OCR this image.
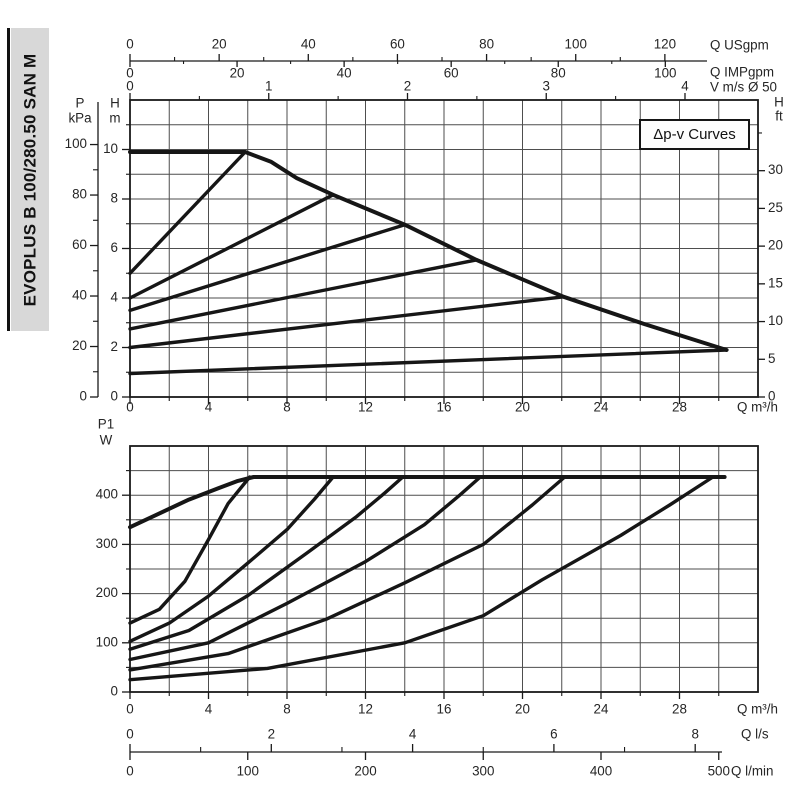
EVOPLUS B 100/280.50 SAN M
0	20	40	60	80	100	120	Q USgpm
0	20	40	60	80	100	Q IMPgpm
0	1	2	3	4 V m/s Ø 50
0	4	8	12	16	20	24	28	Q m³/h
0
20
40
60
80
100
P
kPa
0
2
4
6
8
10
H
m
0
5
10
15
20
25
30
H
ft
0
100
200
300
400
P1
W
0	4	8	12	16	20	24	28	Q m³/h
0	2	4	6	8	Q l/s
0	100	200	300	400	500 Q l/min
Δp-v Curves
